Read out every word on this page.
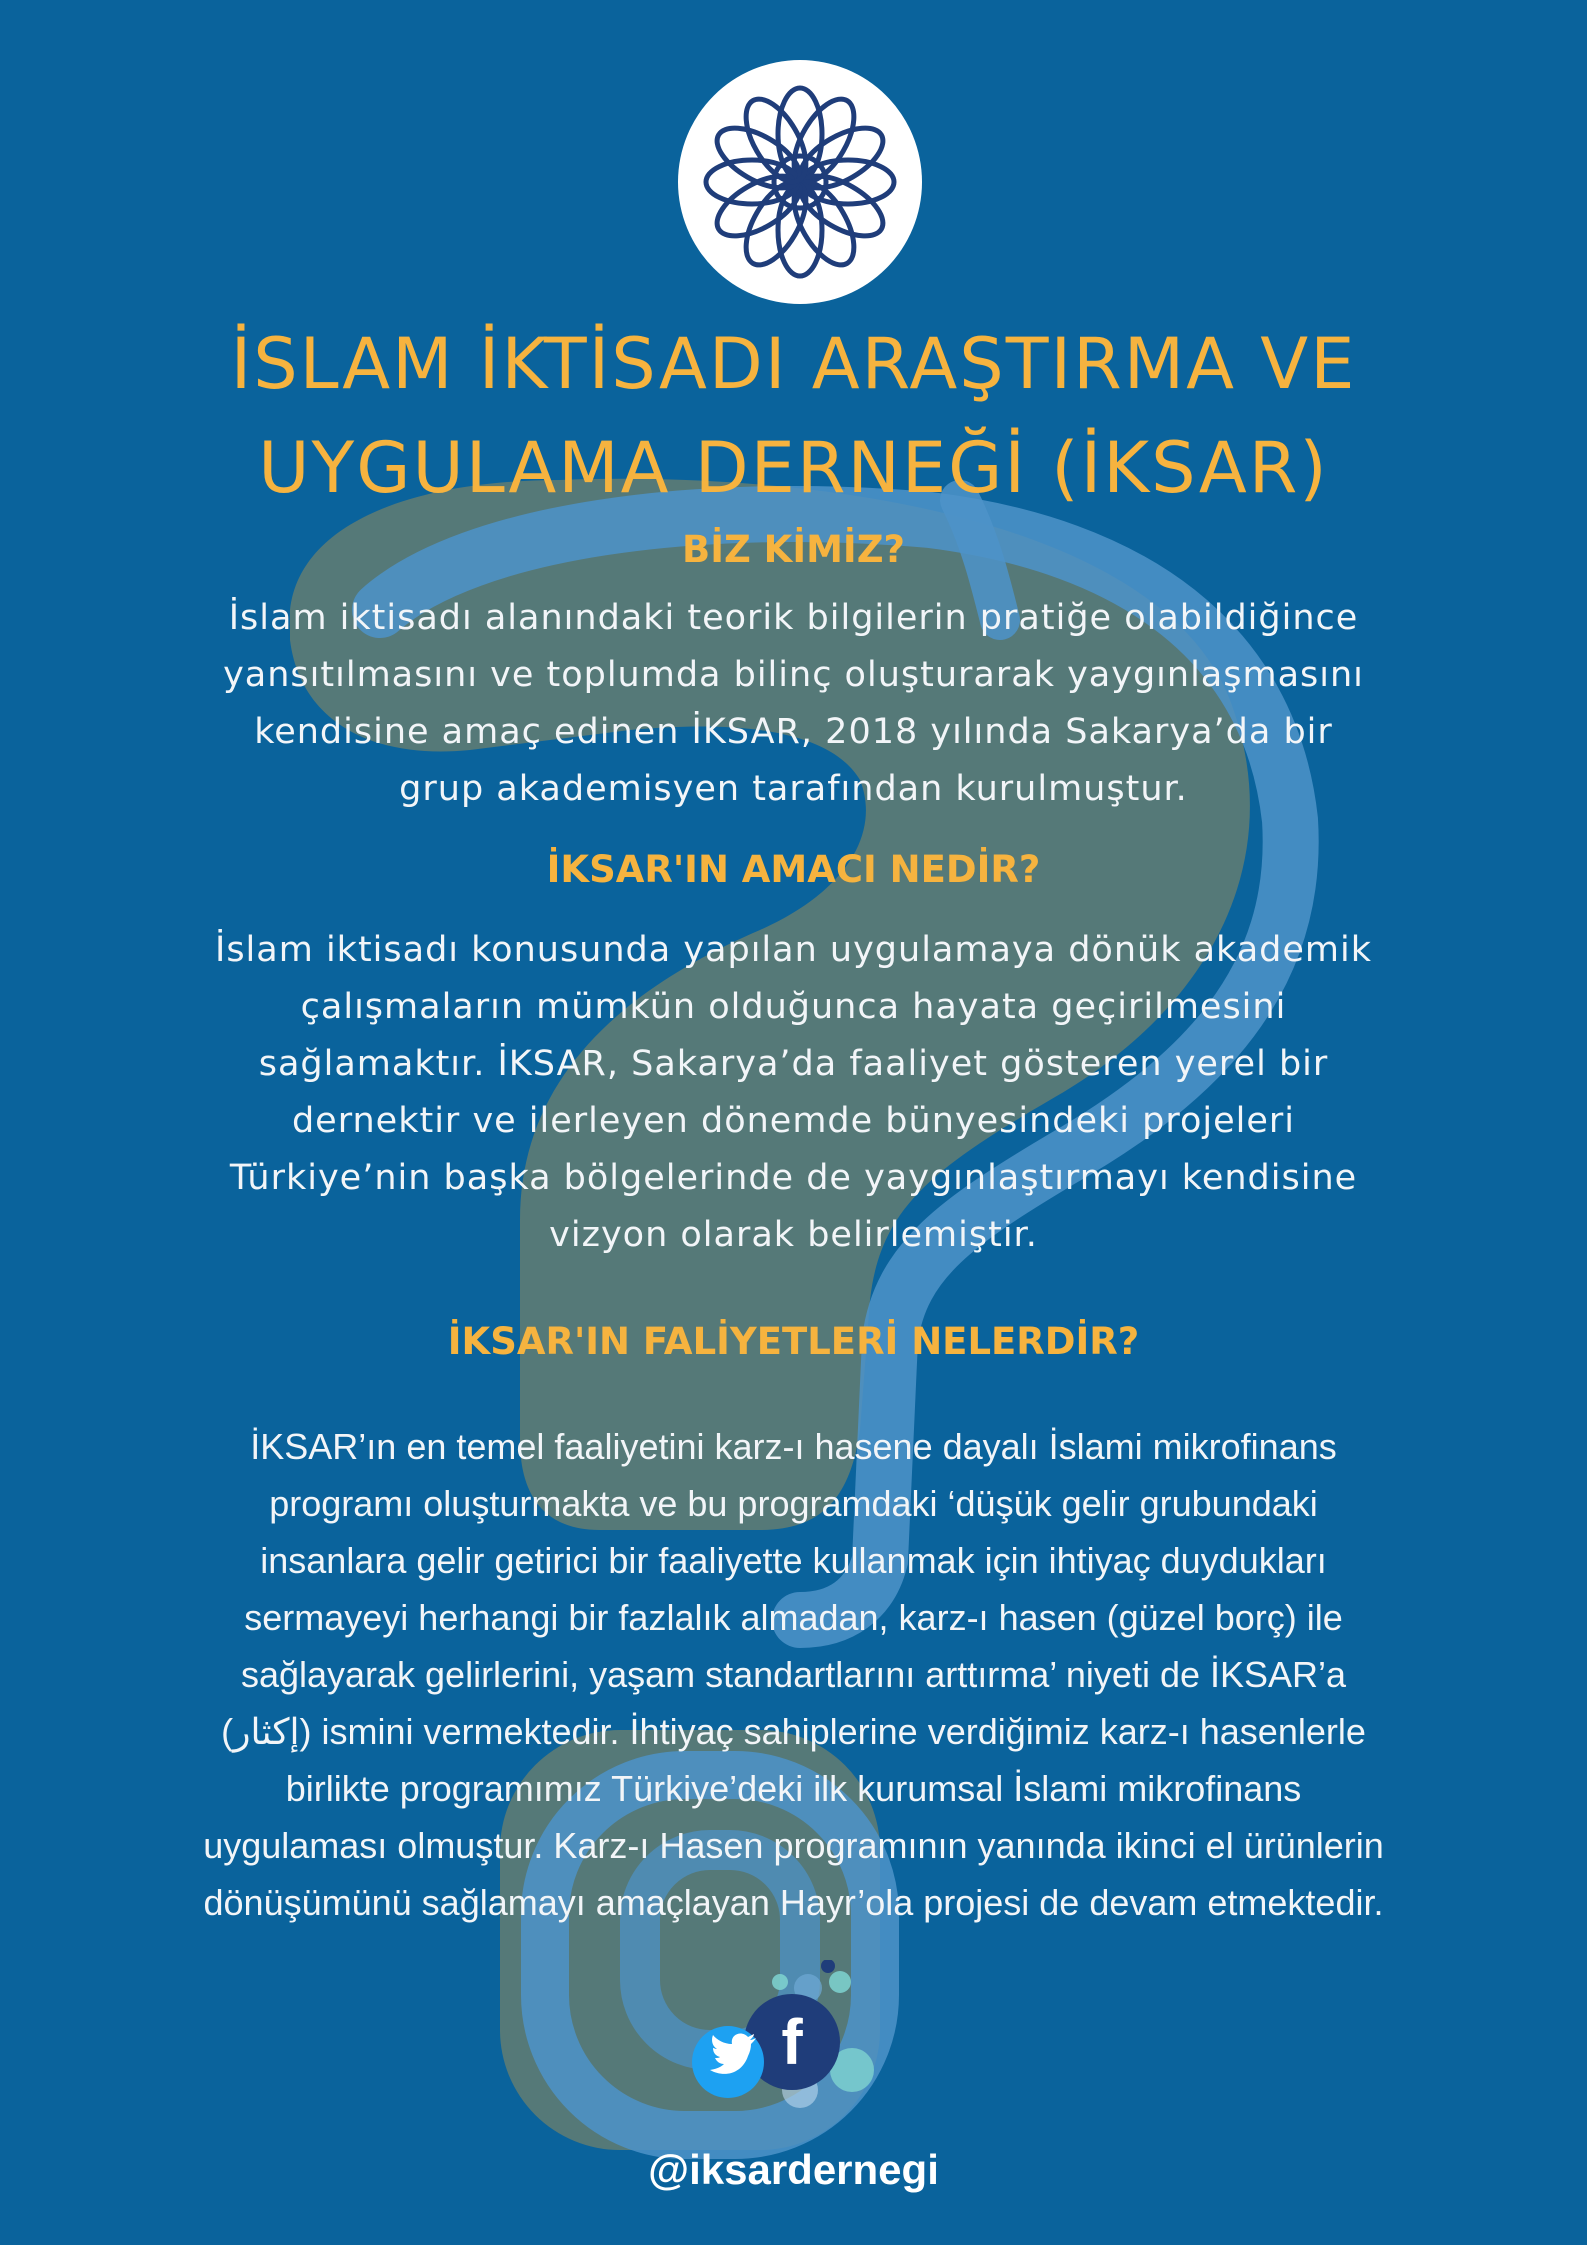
İSLAM İKTİSADI ARAŞTIRMA VE
UYGULAMA DERNEĞİ (İKSAR)
BİZ KİMİZ?

İslam iktisadı alanındaki teorik bilgilerin pratiğe olabildiğince
yansıtılmasını ve toplumda bilinç oluşturarak yaygınlaşmasını
kendisine amaç edinen İKSAR, 2018 yılında Sakarya’da bir
grup akademisyen tarafından kurulmuştur.

İKSAR'IN AMACI NEDİR?

İslam iktisadı konusunda yapılan uygulamaya dönük akademik
çalışmaların mümkün olduğunca hayata geçirilmesini
sağlamaktır. İKSAR, Sakarya’da faaliyet gösteren yerel bir
dernektir ve ilerleyen dönemde bünyesindeki projeleri
Türkiye’nin başka bölgelerinde de yaygınlaştırmayı kendisine
vizyon olarak belirlemiştir.

İKSAR'IN FALİYETLERİ NELERDİR?

İKSAR’ın en temel faaliyetini karz-ı hasene dayalı İslami mikrofinans
programı oluşturmakta ve bu programdaki ‘düşük gelir grubundaki
insanlara gelir getirici bir faaliyette kullanmak için ihtiyaç duydukları
sermayeyi herhangi bir fazlalık almadan, karz-ı hasen (güzel borç) ile
sağlayarak gelirlerini, yaşam standartlarını arttırma’ niyeti de İKSAR’a
(إكثار) ismini vermektedir. İhtiyaç sahiplerine verdiğimiz karz-ı hasenlerle
birlikte programımız Türkiye’deki ilk kurumsal İslami mikrofinans
uygulaması olmuştur. Karz-ı Hasen programının yanında ikinci el ürünlerin
dönüşümünü sağlamayı amaçlayan Hayr’ola projesi de devam etmektedir.

f

@iksardernegi
